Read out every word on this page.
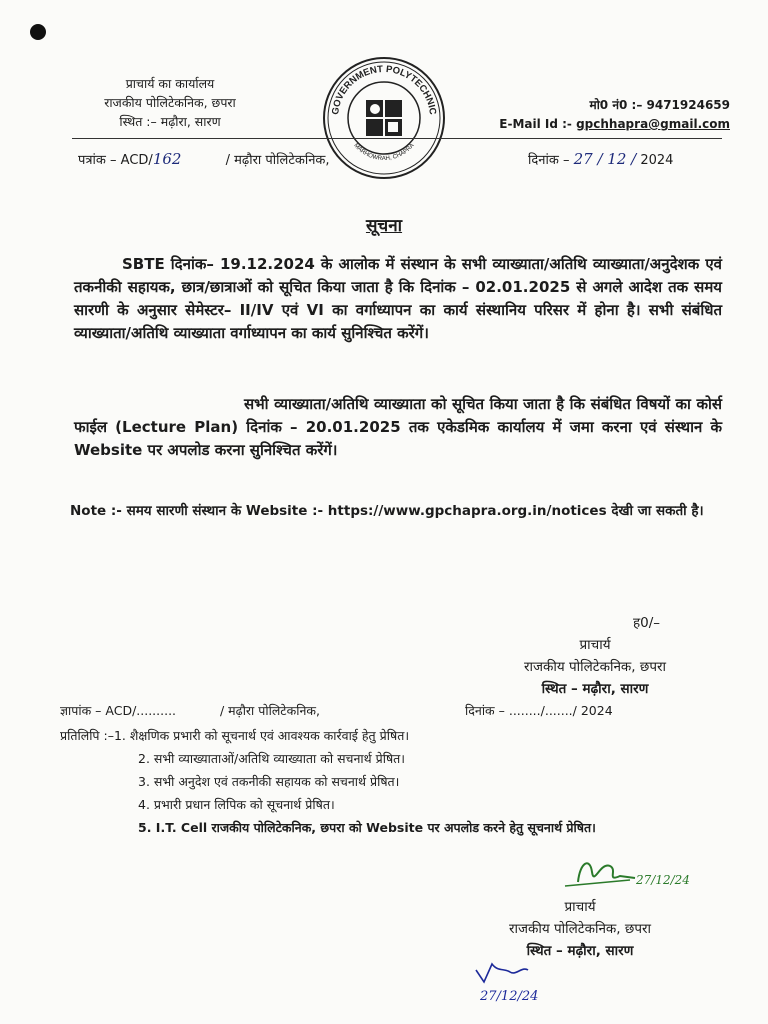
प्राचार्य का कार्यालय
राजकीय पोलिटेकनिक, छपरा
स्थित :– मढ़ौरा, सारण
GOVERNMENT POLYTECHNIC
MARHOWRAH, CHAPRA
मो0 नं0 :– 9471924659
E-Mail Id :- gpchhapra@gmail.com
पत्रांक – ACD/162	/ मढ़ौरा पोलिटेकनिक,	दिनांक – 27 / 12 / 2024
सूचना
SBTE दिनांक– 19.12.2024 के आलोक में संस्थान के सभी व्याख्याता/अतिथि व्याख्याता/अनुदेशक एवं तकनीकी सहायक, छात्र/छात्राओं को सूचित किया जाता है कि दिनांक – 02.01.2025 से अगले आदेश तक समय सारणी के अनुसार सेमेस्टर– II/IV एवं VI का वर्गाध्यापन का कार्य संस्थानिय परिसर में होना है। सभी संबंधित व्याख्याता/अतिथि व्याख्याता वर्गाध्यापन का कार्य सुनिश्चित करेंगें।
सभी व्याख्याता/अतिथि व्याख्याता को सूचित किया जाता है कि संबंधित विषयों का कोर्स फाईल (Lecture Plan) दिनांक – 20.01.2025 तक एकेडमिक कार्यालय में जमा करना एवं संस्थान के Website पर अपलोड करना सुनिश्चित करेंगें।
Note :- समय सारणी संस्थान के Website :- https://www.gpchapra.org.in/notices देखी जा सकती है।
ह0/–
प्राचार्य
राजकीय पोलिटेकनिक, छपरा
स्थित – मढ़ौरा, सारण
ज्ञापांक – ACD/..........	/ मढ़ौरा पोलिटेकनिक,	दिनांक – ......../......./ 2024
प्रतिलिपि :–1. शैक्षणिक प्रभारी को सूचनार्थ एवं आवश्यक कार्रवाई हेतु प्रेषित।
2. सभी व्याख्याताओं/अतिथि व्याख्याता को सचनार्थ प्रेषित।
3. सभी अनुदेश एवं तकनीकी सहायक को सचनार्थ प्रेषित।
4. प्रभारी प्रधान लिपिक को सूचनार्थ प्रेषित।
5. I.T. Cell राजकीय पोलिटेकनिक, छपरा को Website पर अपलोड करने हेतु सूचनार्थ प्रेषित।
27/12/24
प्राचार्य
राजकीय पोलिटेकनिक, छपरा
स्थित – मढ़ौरा, सारण
27/12/24
